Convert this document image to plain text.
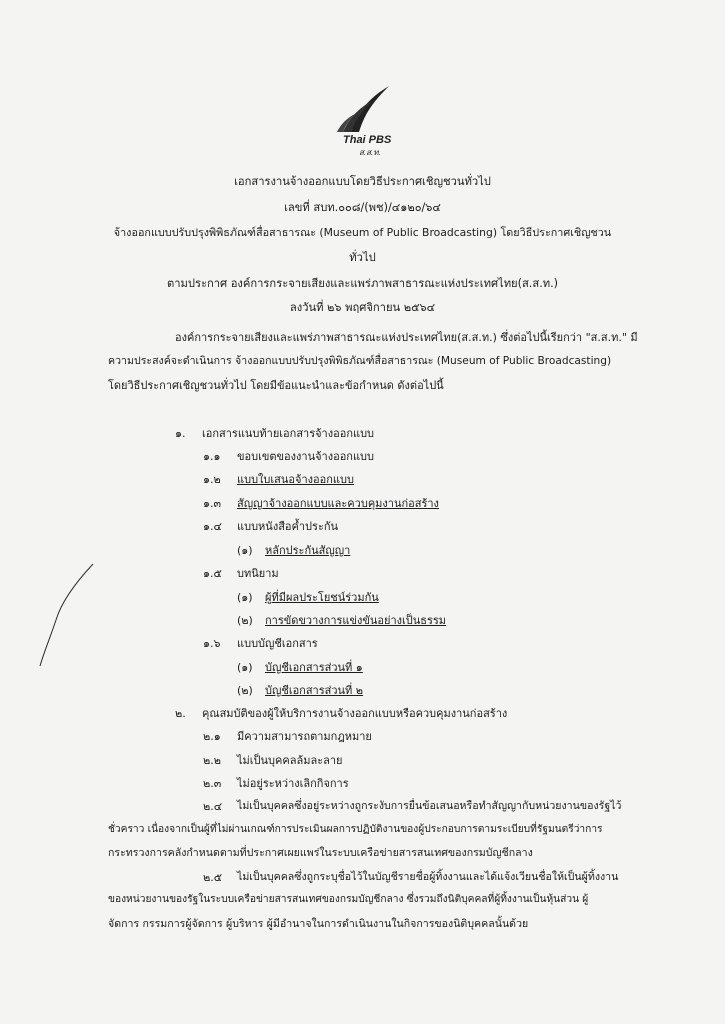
Thai PBS
ส.ส.ท.
เอกสารงานจ้างออกแบบโดยวิธีประกาศเชิญชวนทั่วไป
เลขที่ สบท.๐๐๘/(พช)/๔๑๒๐/๖๔
จ้างออกแบบปรับปรุงพิพิธภัณฑ์สื่อสาธารณะ (Museum of Public Broadcasting) โดยวิธีประกาศเชิญชวน
ทั่วไป
ตามประกาศ องค์การกระจายเสียงและแพร่ภาพสาธารณะแห่งประเทศไทย(ส.ส.ท.)
ลงวันที่ ๒๖ พฤศจิกายน ๒๕๖๔
องค์การกระจายเสียงและแพร่ภาพสาธารณะแห่งประเทศไทย(ส.ส.ท.) ซึ่งต่อไปนี้เรียกว่า "ส.ส.ท." มี
ความประสงค์จะดำเนินการ จ้างออกแบบปรับปรุงพิพิธภัณฑ์สื่อสาธารณะ (Museum of Public Broadcasting)
โดยวิธีประกาศเชิญชวนทั่วไป โดยมีข้อแนะนำและข้อกำหนด ดังต่อไปนี้
๑. เอกสารแนบท้ายเอกสารจ้างออกแบบ
๑.๑ ขอบเขตของงานจ้างออกแบบ
๑.๒ แบบใบเสนอจ้างออกแบบ
๑.๓ สัญญาจ้างออกแบบและควบคุมงานก่อสร้าง
๑.๔ แบบหนังสือค้ำประกัน
(๑) หลักประกันสัญญา
๑.๕ บทนิยาม
(๑) ผู้ที่มีผลประโยชน์ร่วมกัน
(๒) การขัดขวางการแข่งขันอย่างเป็นธรรม
๑.๖ แบบบัญชีเอกสาร
(๑) บัญชีเอกสารส่วนที่ ๑
(๒) บัญชีเอกสารส่วนที่ ๒
๒. คุณสมบัติของผู้ให้บริการงานจ้างออกแบบหรือควบคุมงานก่อสร้าง
๒.๑ มีความสามารถตามกฎหมาย
๒.๒ ไม่เป็นบุคคลล้มละลาย
๒.๓ ไม่อยู่ระหว่างเลิกกิจการ
๒.๔ ไม่เป็นบุคคลซึ่งอยู่ระหว่างถูกระงับการยื่นข้อเสนอหรือทำสัญญากับหน่วยงานของรัฐไว้
ชั่วคราว เนื่องจากเป็นผู้ที่ไม่ผ่านเกณฑ์การประเมินผลการปฏิบัติงานของผู้ประกอบการตามระเบียบที่รัฐมนตรีว่าการ
กระทรวงการคลังกำหนดตามที่ประกาศเผยแพร่ในระบบเครือข่ายสารสนเทศของกรมบัญชีกลาง
๒.๕ ไม่เป็นบุคคลซึ่งถูกระบุชื่อไว้ในบัญชีรายชื่อผู้ทิ้งงานและได้แจ้งเวียนชื่อให้เป็นผู้ทิ้งงาน
ของหน่วยงานของรัฐในระบบเครือข่ายสารสนเทศของกรมบัญชีกลาง ซึ่งรวมถึงนิติบุคคลที่ผู้ทิ้งงานเป็นหุ้นส่วน ผู้
จัดการ กรรมการผู้จัดการ ผู้บริหาร ผู้มีอำนาจในการดำเนินงานในกิจการของนิติบุคคลนั้นด้วย
